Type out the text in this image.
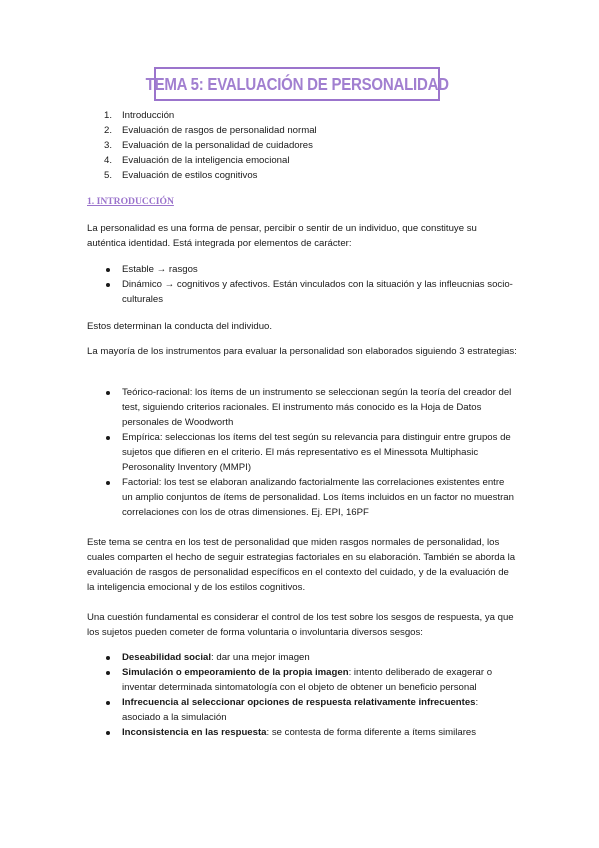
TEMA 5: EVALUACIÓN DE PERSONALIDAD
1. Introducción
2. Evaluación de rasgos de personalidad normal
3. Evaluación de la personalidad de cuidadores
4. Evaluación de la inteligencia emocional
5. Evaluación de estilos cognitivos
1. INTRODUCCIÓN

La personalidad es una forma de pensar, percibir o sentir de un individuo, que constituye su auténtica identidad. Está integrada por elementos de carácter:

Estable → rasgos
Dinámico → cognitivos y afectivos. Están vinculados con la situación y las infleucnias socio-culturales

Estos determinan la conducta del individuo.

La mayoría de los instrumentos para evaluar la personalidad son elaborados siguiendo 3 estrategias:

Teórico-racional: los ítems de un instrumento se seleccionan según la teoría del creador del test, siguiendo criterios racionales. El instrumento más conocido es la Hoja de Datos personales de Woodworth
Empírica: seleccionas los ítems del test según su relevancia para distinguir entre grupos de sujetos que difieren en el criterio. El más representativo es el Minessota Multiphasic Perosonality Inventory (MMPI)
Factorial: los test se elaboran analizando factorialmente las correlaciones existentes entre un amplio conjuntos de ítems de personalidad. Los ítems incluidos en un factor no muestran correlaciones con los de otras dimensiones. Ej. EPI, 16PF

Este tema se centra en los test de personalidad que miden rasgos normales de personalidad, los cuales comparten el hecho de seguir estrategias factoriales en su elaboración. También se aborda la evaluación de rasgos de personalidad específicos en el contexto del cuidado, y de la evaluación de la inteligencia emocional y de los estilos cognitivos.

Una cuestión fundamental es considerar el control de los test sobre los sesgos de respuesta, ya que los sujetos pueden cometer de forma voluntaria o involuntaria diversos sesgos:

Deseabilidad social: dar una mejor imagen
Simulación o empeoramiento de la propia imagen: intento deliberado de exagerar o inventar determinada sintomatología con el objeto de obtener un beneficio personal
Infrecuencia al seleccionar opciones de respuesta relativamente infrecuentes: asociado a la simulación
Inconsistencia en las respuesta: se contesta de forma diferente a ítems similares
